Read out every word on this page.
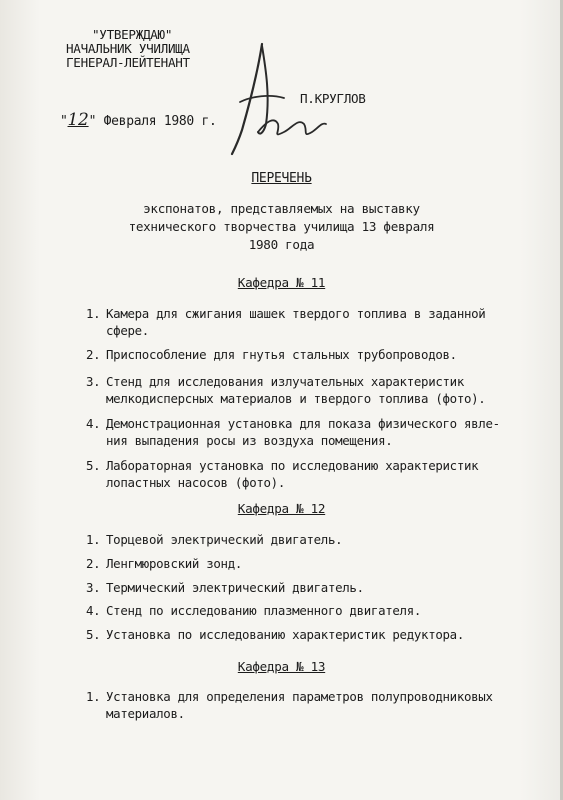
"УТВЕРЖДАЮ"
НАЧАЛЬНИК УЧИЛИЩА
ГЕНЕРАЛ-ЛЕЙТЕНАНТ
П.КРУГЛОВ
"12" Февраля 1980 г.
ПЕРЕЧЕНЬ
экспонатов, представляемых на выставку технического творчества училища 13 февраля 1980 года
Кафедра № 11
1. Камера для сжигания шашек твердого топлива в заданной
сфере.
2. Приспособление для гнутья стальных трубопроводов.
3. Стенд для исследования излучательных характеристик
мелкодисперсных материалов и твердого топлива (фото).
4. Демонстрационная установка для показа физического явле-
ния выпадения росы из воздуха помещения.
5. Лабораторная установка по исследованию характеристик
лопастных насосов (фото).
Кафедра № 12
1. Торцевой электрический двигатель.
2. Ленгмюровский зонд.
3. Термический электрический двигатель.
4. Стенд по исследованию плазменного двигателя.
5. Установка по исследованию характеристик редуктора.
Кафедра № 13
1. Установка для определения параметров полупроводниковых
материалов.
